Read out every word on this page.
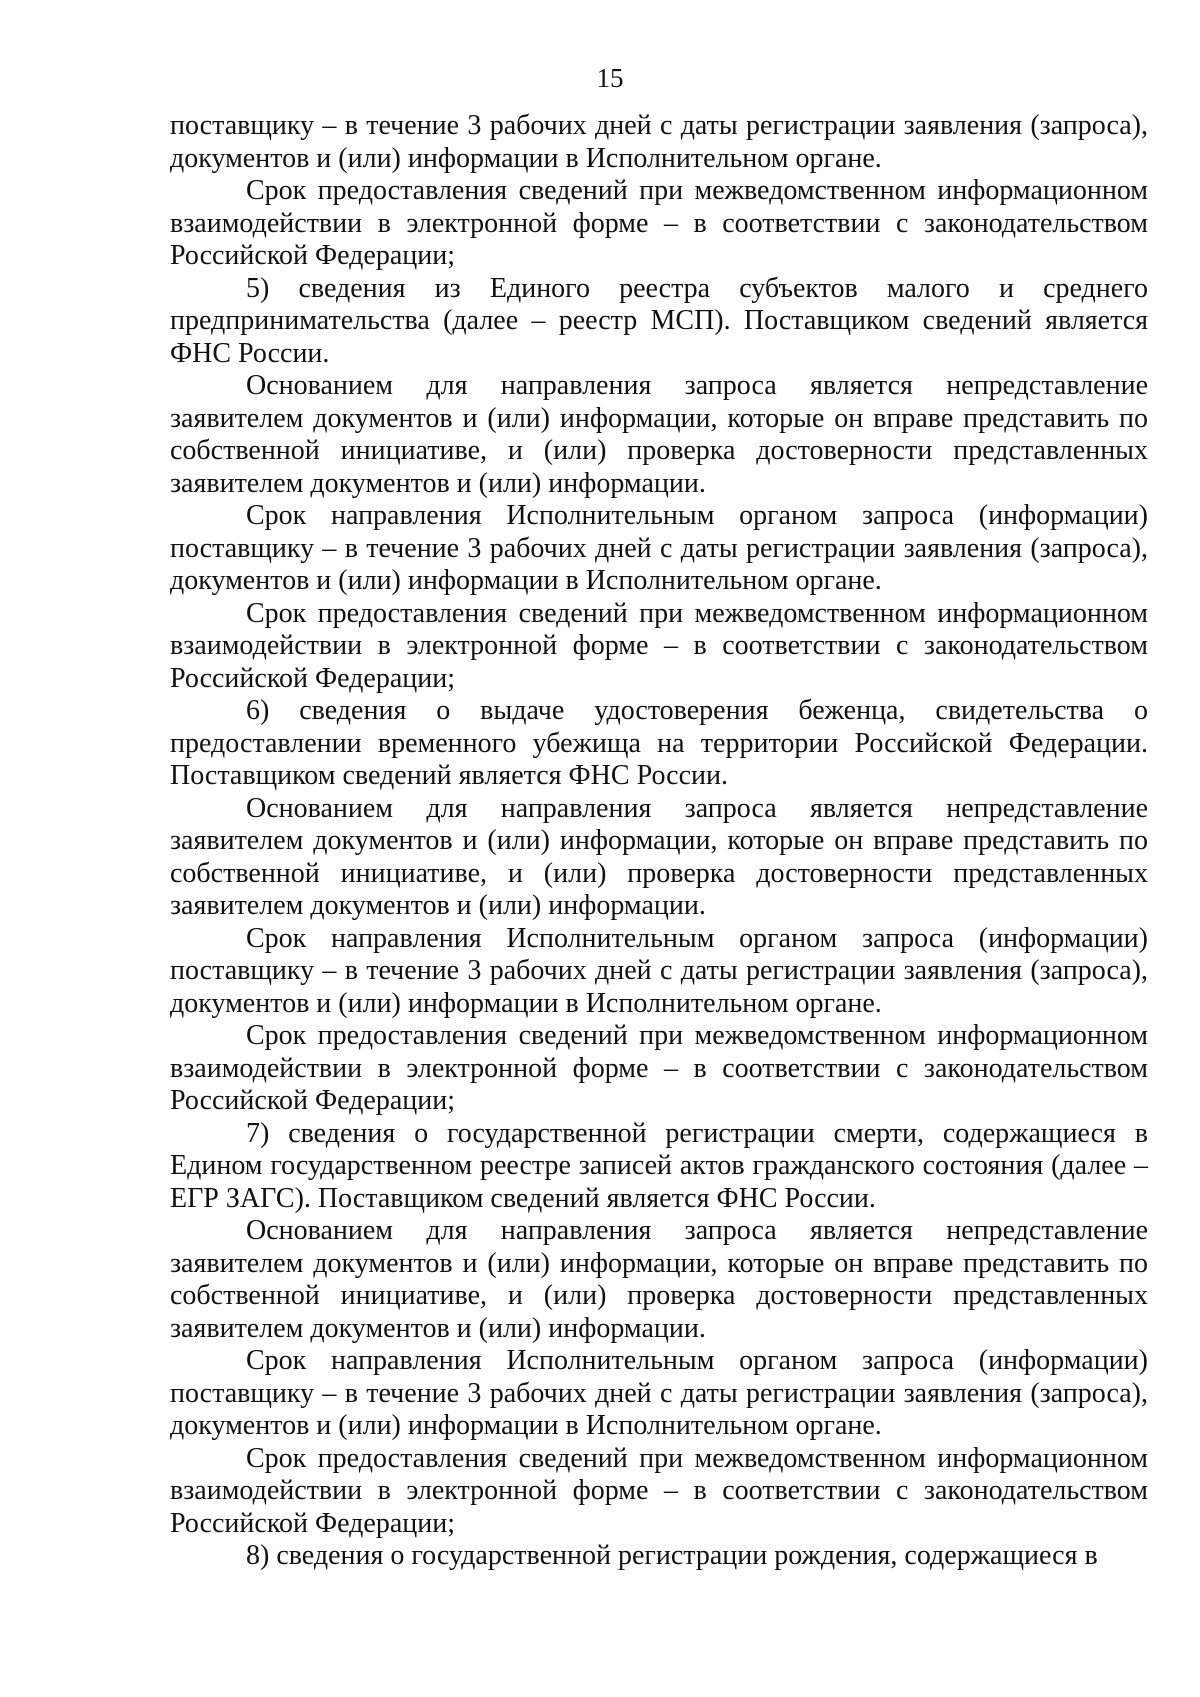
15

поставщику – в течение 3 рабочих дней с даты регистрации заявления (запроса), документов и (или) информации в Исполнительном органе.

Срок предоставления сведений при межведомственном информационном взаимодействии в электронной форме – в соответствии с законодательством Российской Федерации;

5) сведения из Единого реестра субъектов малого и среднего предпринимательства (далее – реестр МСП). Поставщиком сведений является ФНС России.

Основанием для направления запроса является непредставление заявителем документов и (или) информации, которые он вправе представить по собственной инициативе, и (или) проверка достоверности представленных заявителем документов и (или) информации.

Срок направления Исполнительным органом запроса (информации) поставщику – в течение 3 рабочих дней с даты регистрации заявления (запроса), документов и (или) информации в Исполнительном органе.

Срок предоставления сведений при межведомственном информационном взаимодействии в электронной форме – в соответствии с законодательством Российской Федерации;

6) сведения о выдаче удостоверения беженца, свидетельства о предоставлении временного убежища на территории Российской Федерации. Поставщиком сведений является ФНС России.

Основанием для направления запроса является непредставление заявителем документов и (или) информации, которые он вправе представить по собственной инициативе, и (или) проверка достоверности представленных заявителем документов и (или) информации.

Срок направления Исполнительным органом запроса (информации) поставщику – в течение 3 рабочих дней с даты регистрации заявления (запроса), документов и (или) информации в Исполнительном органе.

Срок предоставления сведений при межведомственном информационном взаимодействии в электронной форме – в соответствии с законодательством Российской Федерации;

7) сведения о государственной регистрации смерти, содержащиеся в Едином государственном реестре записей актов гражданского состояния (далее – ЕГР ЗАГС). Поставщиком сведений является ФНС России.

Основанием для направления запроса является непредставление заявителем документов и (или) информации, которые он вправе представить по собственной инициативе, и (или) проверка достоверности представленных заявителем документов и (или) информации.

Срок направления Исполнительным органом запроса (информации) поставщику – в течение 3 рабочих дней с даты регистрации заявления (запроса), документов и (или) информации в Исполнительном органе.

Срок предоставления сведений при межведомственном информационном взаимодействии в электронной форме – в соответствии с законодательством Российской Федерации;

8) сведения о государственной регистрации рождения, содержащиеся в
